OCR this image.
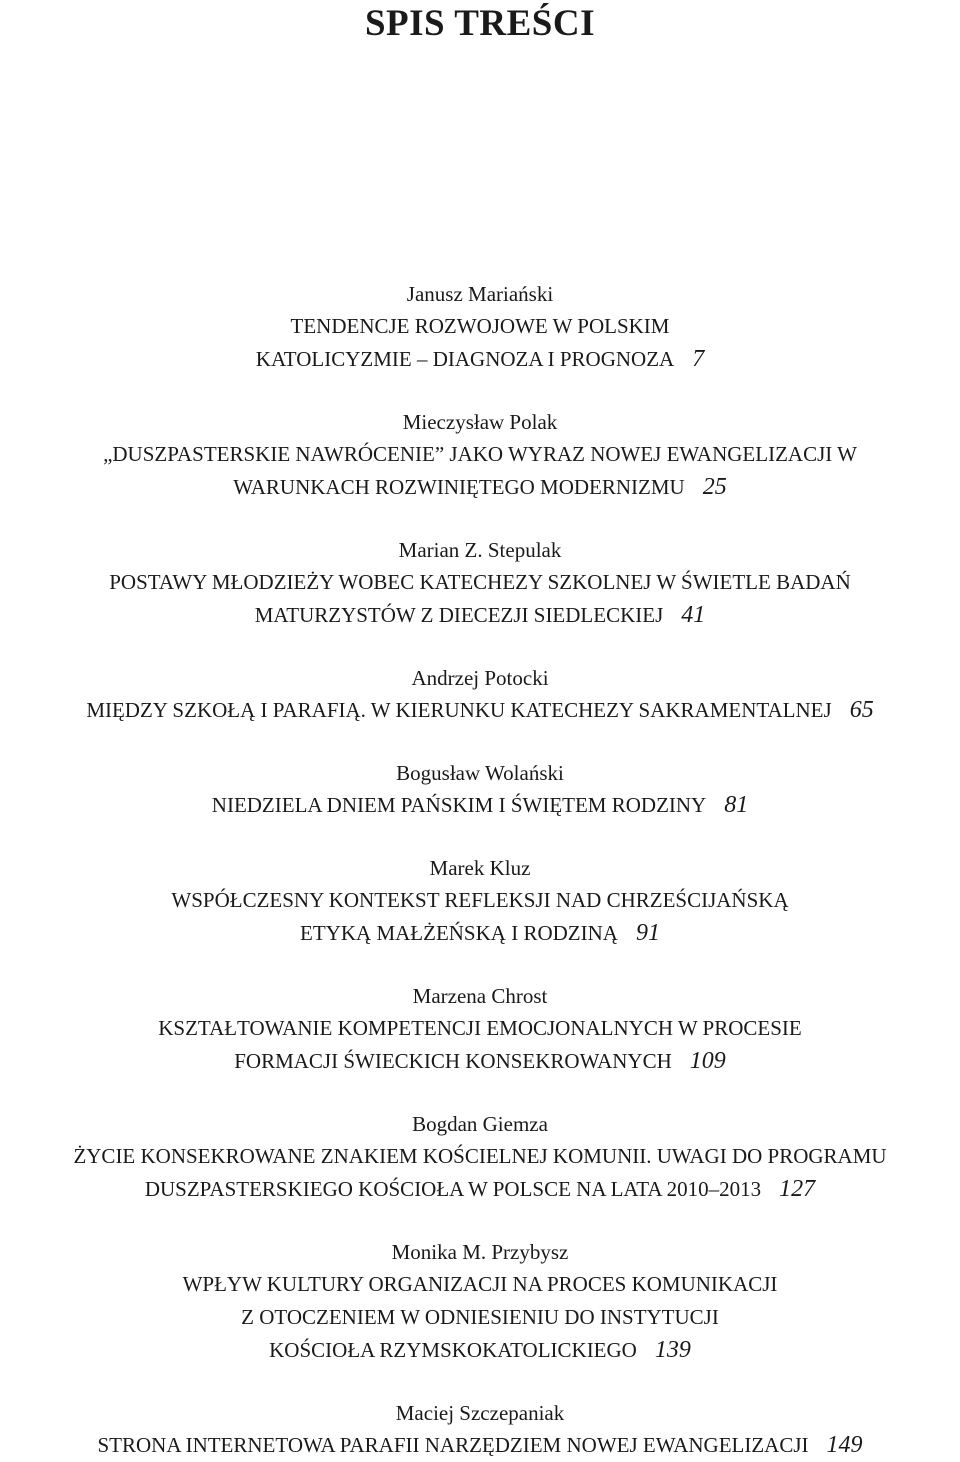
SPIS TREŚCI
Janusz Mariański
TENDENCJE ROZWOJOWE W POLSKIM
KATOLICYZMIE – DIAGNOZA I PROGNOZA 7
Mieczysław Polak
„DUSZPASTERSKIE NAWRÓCENIE” JAKO WYRAZ NOWEJ EWANGELIZACJI W
WARUNKACH ROZWINIĘTEGO MODERNIZMU 25
Marian Z. Stepulak
POSTAWY MŁODZIEŻY WOBEC KATECHEZY SZKOLNEJ W ŚWIETLE BADAŃ
MATURZYSTÓW Z DIECEZJI SIEDLECKIEJ 41
Andrzej Potocki
MIĘDZY SZKOŁĄ I PARAFIĄ. W KIERUNKU KATECHEZY SAKRAMENTALNEJ 65
Bogusław Wolański
NIEDZIELA DNIEM PAŃSKIM I ŚWIĘTEM RODZINY 81
Marek Kluz
WSPÓŁCZESNY KONTEKST REFLEKSJI NAD CHRZEŚCIJAŃSKĄ
ETYKĄ MAŁŻEŃSKĄ I RODZINĄ 91
Marzena Chrost
KSZTAŁTOWANIE KOMPETENCJI EMOCJONALNYCH W PROCESIE
FORMACJI ŚWIECKICH KONSEKROWANYCH 109
Bogdan Giemza
ŻYCIE KONSEKROWANE ZNAKIEM KOŚCIELNEJ KOMUNII. UWAGI DO PROGRAMU
DUSZPASTERSKIEGO KOŚCIOŁA W POLSCE NA LATA 2010–2013 127
Monika M. Przybysz
WPŁYW KULTURY ORGANIZACJI NA PROCES KOMUNIKACJI
Z OTOCZENIEM W ODNIESIENIU DO INSTYTUCJI
KOŚCIOŁA RZYMSKOKATOLICKIEGO 139
Maciej Szczepaniak
STRONA INTERNETOWA PARAFII NARZĘDZIEM NOWEJ EWANGELIZACJI 149
